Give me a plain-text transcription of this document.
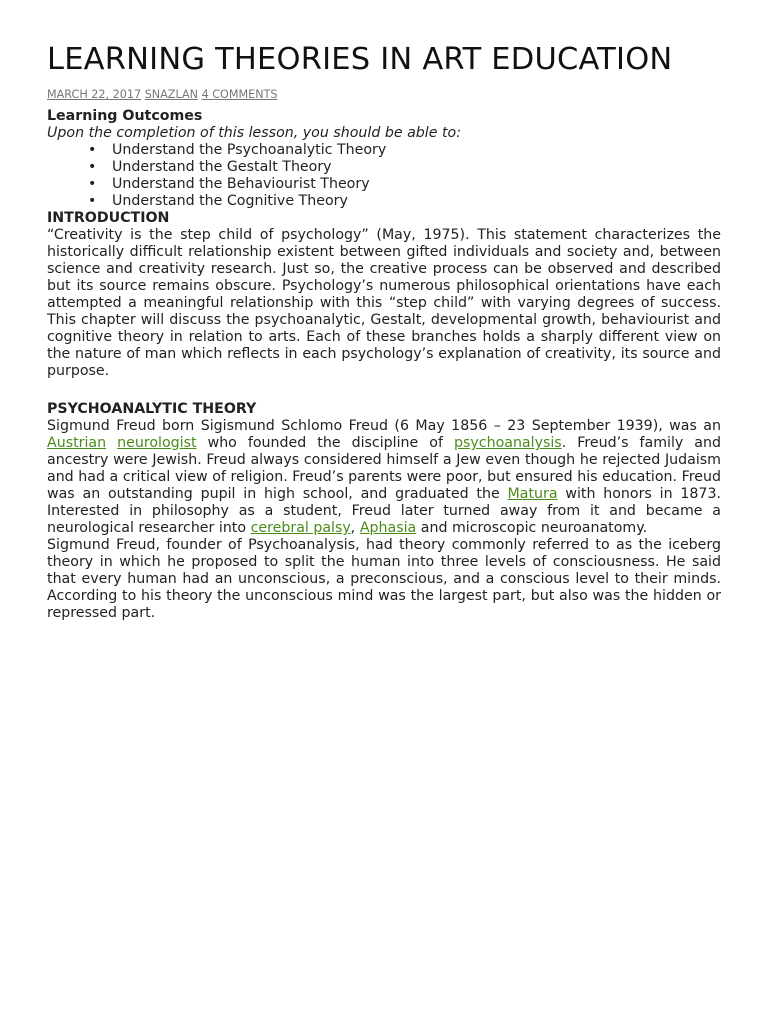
LEARNING THEORIES IN ART EDUCATION
MARCH 22, 2017 SNAZLAN 4 COMMENTS
Learning Outcomes
Upon the completion of this lesson, you should be able to:
• Understand the Psychoanalytic Theory
• Understand the Gestalt Theory
• Understand the Behaviourist Theory
• Understand the Cognitive Theory
INTRODUCTION

“Creativity is the step child of psychology” (May, 1975). This statement characterizes the historically difficult relationship existent between gifted individuals and society and, between science and creativity research. Just so, the creative process can be observed and described but its source remains obscure. Psychology’s numerous philosophical orientations have each attempted a meaningful relationship with this “step child” with varying degrees of success. This chapter will discuss the psychoanalytic, Gestalt, developmental growth, behaviourist and cognitive theory in relation to arts. Each of these branches holds a sharply different view on the nature of man which reflects in each psychology’s explanation of creativity, its source and purpose.

PSYCHOANALYTIC THEORY

Sigmund Freud born Sigismund Schlomo Freud (6 May 1856 – 23 September 1939), was an Austrian neurologist who founded the discipline of psychoanalysis. Freud’s family and ancestry were Jewish. Freud always considered himself a Jew even though he rejected Judaism and had a critical view of religion. Freud’s parents were poor, but ensured his education. Freud was an outstanding pupil in high school, and graduated the Matura with honors in 1873. Interested in philosophy as a student, Freud later turned away from it and became a neurological researcher into cerebral palsy, Aphasia and microscopic neuroanatomy.

Sigmund Freud, founder of Psychoanalysis, had theory commonly referred to as the iceberg theory in which he proposed to split the human into three levels of consciousness. He said that every human had an unconscious, a preconscious, and a conscious level to their minds. According to his theory the unconscious mind was the largest part, but also was the hidden or repressed part.
